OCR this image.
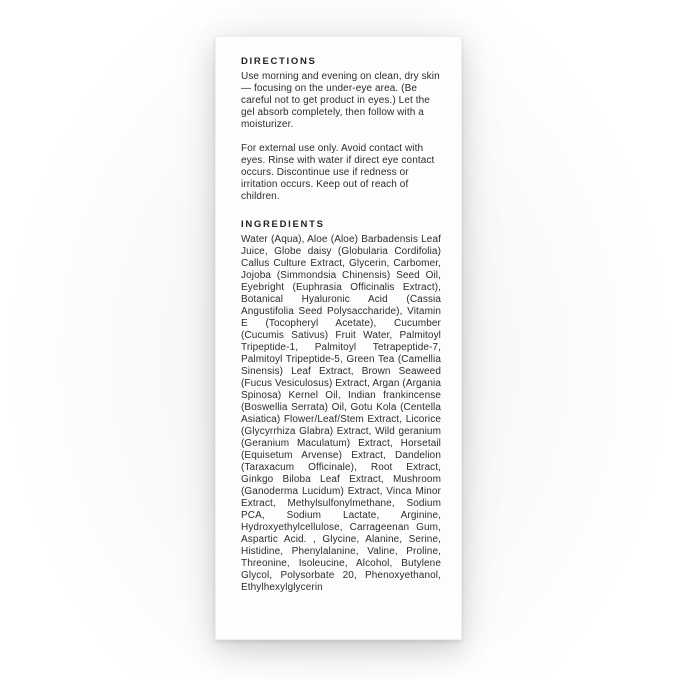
DIRECTIONS

Use morning and evening on clean, dry skin — focusing on the under-eye area. (Be careful not to get product in eyes.) Let the gel absorb completely, then follow with a moisturizer.

For external use only. Avoid contact with eyes. Rinse with water if direct eye contact occurs. Discontinue use if redness or irritation occurs. Keep out of reach of children.

INGREDIENTS

Water (Aqua), Aloe (Aloe) Barbadensis Leaf Juice, Globe daisy (Globularia Cordifolia) Callus Culture Extract, Glycerin, Carbomer, Jojoba (Simmondsia Chinensis) Seed Oil, Eyebright (Euphrasia Officinalis Extract), Botanical Hyaluronic Acid (Cassia Angustifolia Seed Polysaccharide), Vitamin E (Tocopheryl Acetate), Cucumber (Cucumis Sativus) Fruit Water, Palmitoyl Tripeptide-1, Palmitoyl Tetrapeptide-7, Palmitoyl Tripeptide-5, Green Tea (Camellia Sinensis) Leaf Extract, Brown Seaweed (Fucus Vesiculosus) Extract, Argan (Argania Spinosa) Kernel Oil, Indian frankincense (Boswellia Serrata) Oil, Gotu Kola (Centella Asiatica) Flower/Leaf/Stem Extract, Licorice (Glycyrrhiza Glabra) Extract, Wild geranium (Geranium Maculatum) Extract, Horsetail (Equisetum Arvense) Extract, Dandelion (Taraxacum Officinale), Root Extract, Ginkgo Biloba Leaf Extract, Mushroom (Ganoderma Lucidum) Extract, Vinca Minor Extract, Methylsulfonylmethane, Sodium PCA, Sodium Lactate, Arginine, Hydroxyethylcellulose, Carrageenan Gum, Aspartic Acid. , Glycine, Alanine, Serine, Histidine, Phenylalanine, Valine, Proline, Threonine, Isoleucine, Alcohol, Butylene Glycol, Polysorbate 20, Phenoxyethanol, Ethylhexylglycerin
